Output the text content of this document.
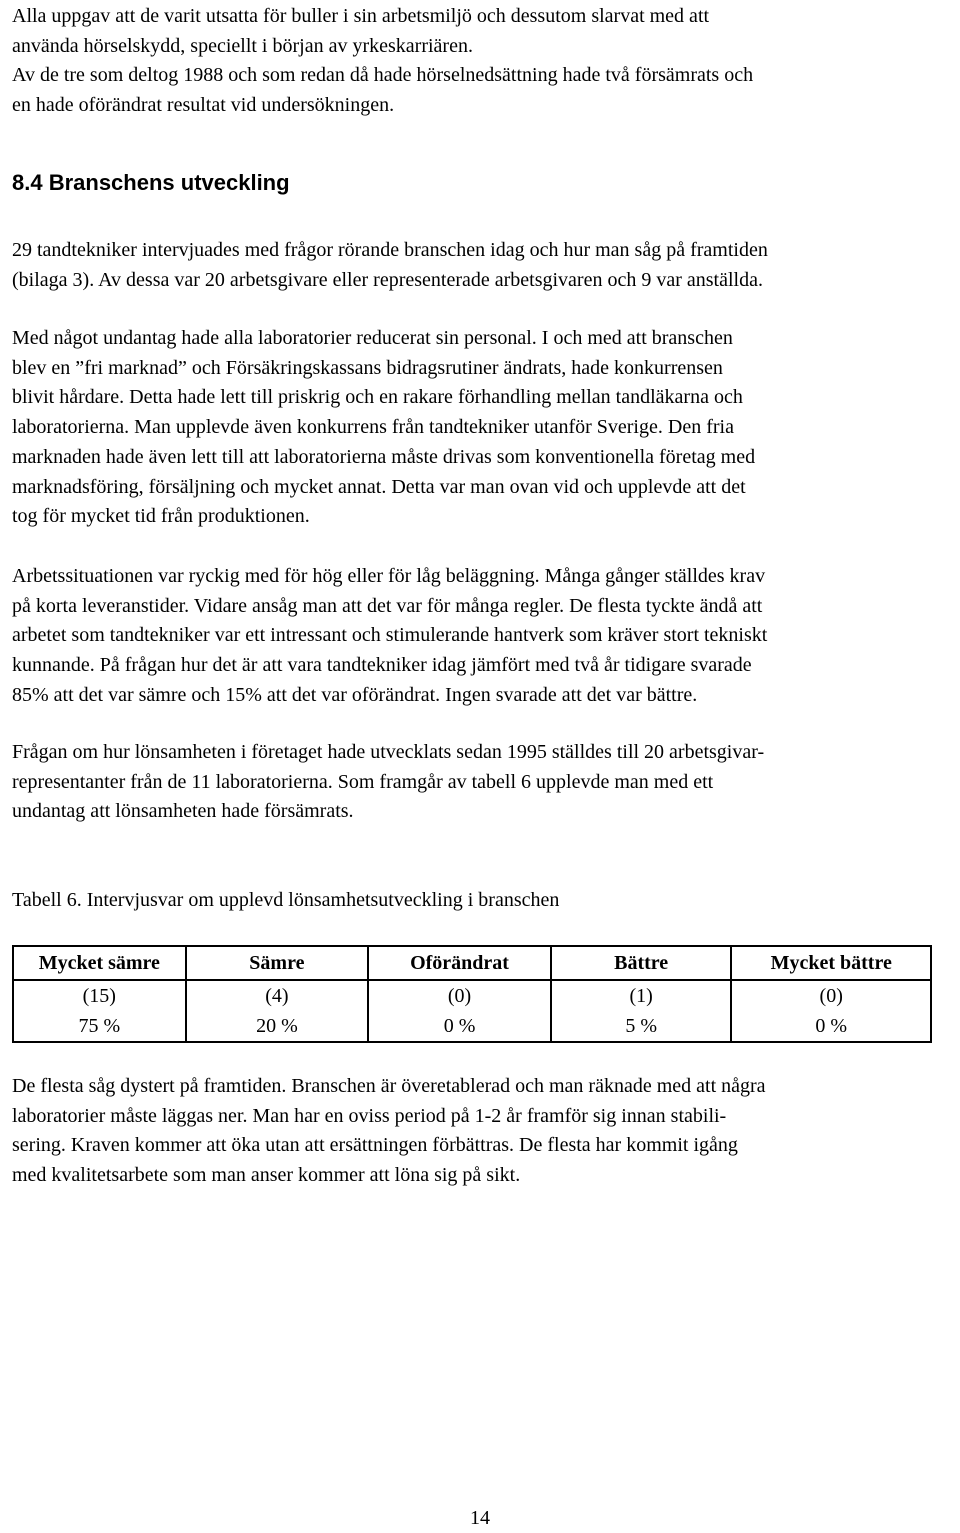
Alla uppgav att de varit utsatta för buller i sin arbetsmiljö och dessutom slarvat med att

använda hörselskydd, speciellt i början av yrkeskarriären.

Av de tre som deltog 1988 och som redan då hade hörselnedsättning hade två försämrats och

en hade oförändrat resultat vid undersökningen.

8.4 Branschens utveckling

29 tandtekniker intervjuades med frågor rörande branschen idag och hur man såg på framtiden

(bilaga 3). Av dessa var 20 arbetsgivare eller representerade arbetsgivaren och 9 var anställda.

Med något undantag hade alla laboratorier reducerat sin personal. I och med att branschen

blev en ”fri marknad” och Försäkringskassans bidragsrutiner ändrats, hade konkurrensen

blivit hårdare. Detta hade lett till priskrig och en rakare förhandling mellan tandläkarna och

laboratorierna. Man upplevde även konkurrens från tandtekniker utanför Sverige. Den fria

marknaden hade även lett till att laboratorierna måste drivas som konventionella företag med

marknadsföring, försäljning och mycket annat. Detta var man ovan vid och upplevde att det

tog för mycket tid från produktionen.

Arbetssituationen var ryckig med för hög eller för låg beläggning. Många gånger ställdes krav

på korta leveranstider. Vidare ansåg man att det var för många regler. De flesta tyckte ändå att

arbetet som tandtekniker var ett intressant och stimulerande hantverk som kräver stort tekniskt

kunnande. På frågan hur det är att vara tandtekniker idag jämfört med två år tidigare svarade

85% att det var sämre och 15% att det var oförändrat. Ingen svarade att det var bättre.

Frågan om hur lönsamheten i företaget hade utvecklats sedan 1995 ställdes till 20 arbetsgivar-

representanter från de 11 laboratorierna. Som framgår av tabell 6 upplevde man med ett

undantag att lönsamheten hade försämrats.

Tabell 6. Intervjusvar om upplevd lönsamhetsutveckling i branschen

Mycket sämre	Sämre	Oförändrat	Bättre	Mycket bättre
(15)	(4)	(0)	(1)	(0)
75 %	20 %	0 %	5 %	0 %

De flesta såg dystert på framtiden. Branschen är överetablerad och man räknade med att några

laboratorier måste läggas ner. Man har en oviss period på 1-2 år framför sig innan stabili-

sering. Kraven kommer att öka utan att ersättningen förbättras. De flesta har kommit igång

med kvalitetsarbete som man anser kommer att löna sig på sikt.

14
